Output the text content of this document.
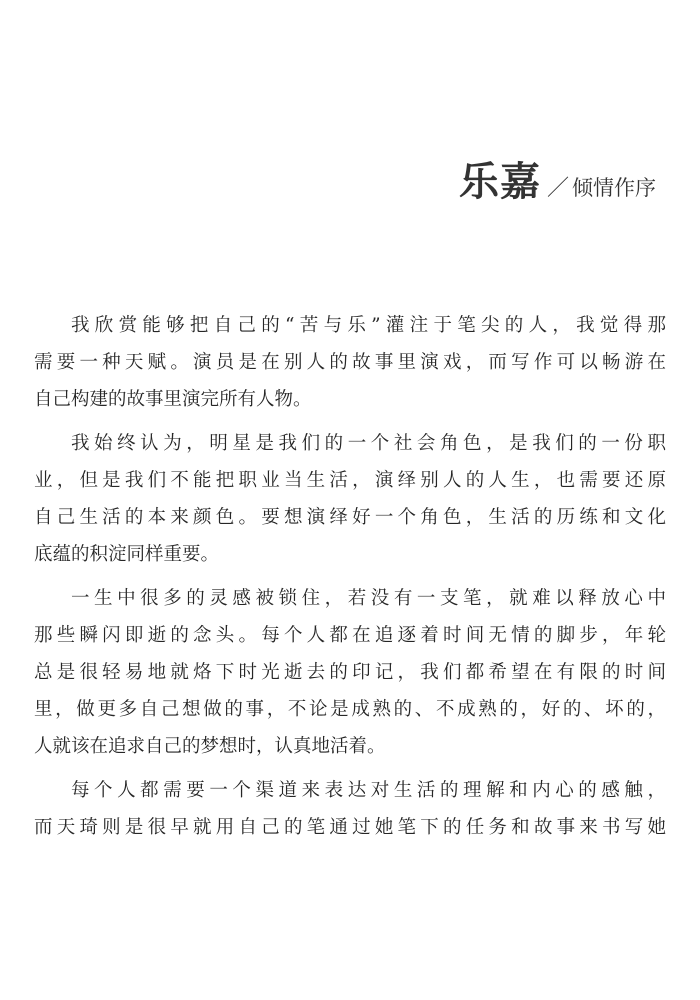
乐嘉 ／ 倾情作序

我欣赏能够把自己的“苦与乐”灌注于笔尖的人，我觉得那
需要一种天赋。演员是在别人的故事里演戏，而写作可以畅游在
自己构建的故事里演完所有人物。

我始终认为，明星是我们的一个社会角色，是我们的一份职
业，但是我们不能把职业当生活，演绎别人的人生，也需要还原
自己生活的本来颜色。要想演绎好一个角色，生活的历练和文化
底蕴的积淀同样重要。

一生中很多的灵感被锁住，若没有一支笔，就难以释放心中
那些瞬闪即逝的念头。每个人都在追逐着时间无情的脚步，年轮
总是很轻易地就烙下时光逝去的印记，我们都希望在有限的时间
里，做更多自己想做的事，不论是成熟的、不成熟的，好的、坏的，
人就该在追求自己的梦想时，认真地活着。

每个人都需要一个渠道来表达对生活的理解和内心的感触，
而天琦则是很早就用自己的笔通过她笔下的任务和故事来书写她
